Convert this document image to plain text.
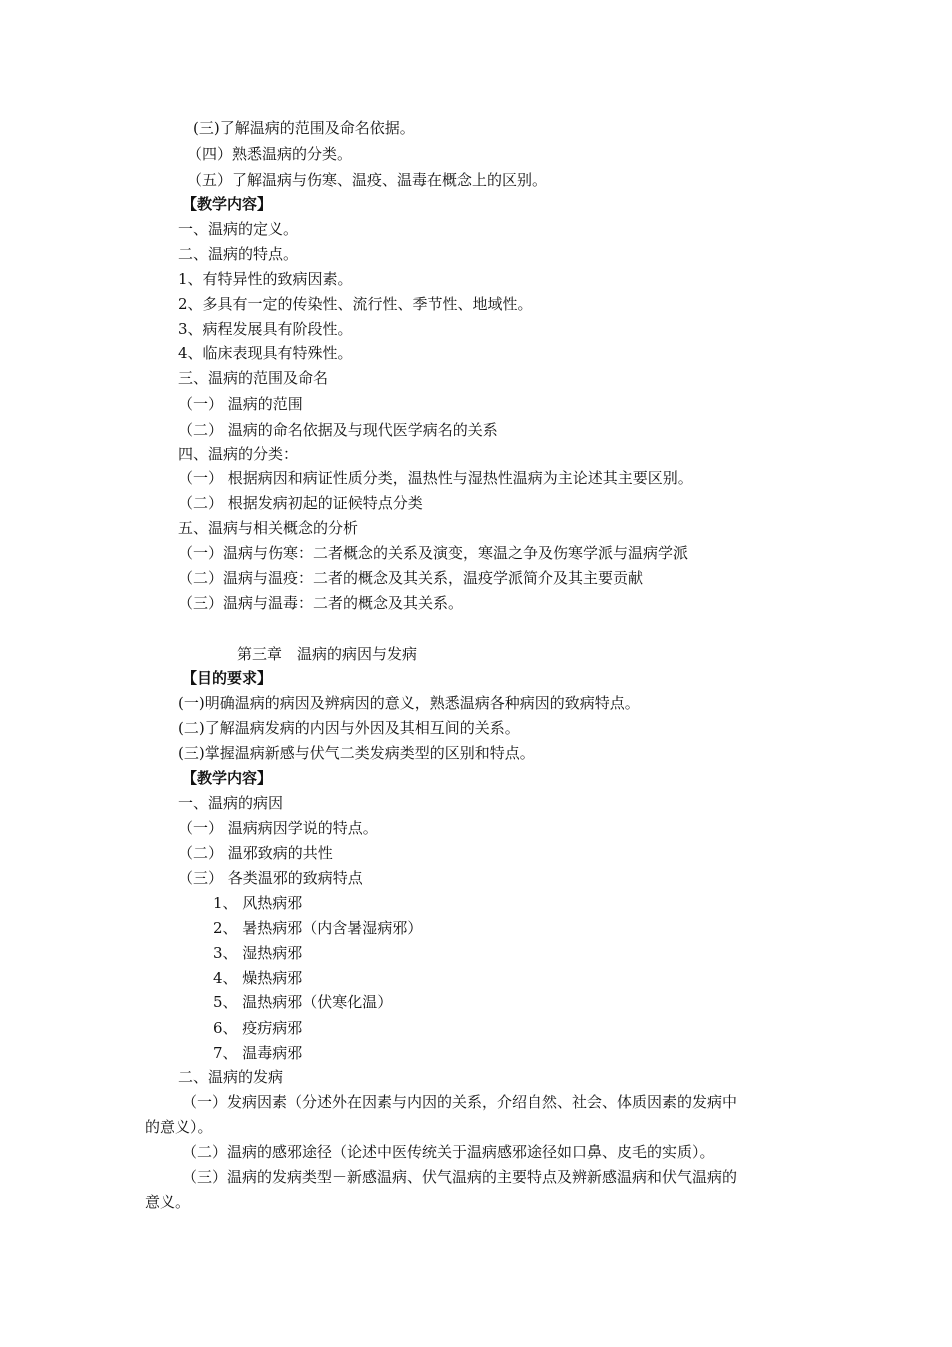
(三)了解温病的范围及命名依据。
（四）熟悉温病的分类。
（五）了解温病与伤寒、温疫、温毒在概念上的区别。
【教学内容】
一、温病的定义。
二、温病的特点。
1、有特异性的致病因素。
2、多具有一定的传染性、流行性、季节性、地域性。
3、病程发展具有阶段性。
4、临床表现具有特殊性。
三、温病的范围及命名
（一） 温病的范围
（二） 温病的命名依据及与现代医学病名的关系
四、温病的分类：
（一） 根据病因和病证性质分类，温热性与湿热性温病为主论述其主要区别。
（二） 根据发病初起的证候特点分类
五、温病与相关概念的分析
（一）温病与伤寒：二者概念的关系及演变，寒温之争及伤寒学派与温病学派
（二）温病与温疫：二者的概念及其关系，温疫学派简介及其主要贡献
（三）温病与温毒：二者的概念及其关系。
第三章　温病的病因与发病
【目的要求】
(一)明确温病的病因及辨病因的意义，熟悉温病各种病因的致病特点。
(二)了解温病发病的内因与外因及其相互间的关系。
(三)掌握温病新感与伏气二类发病类型的区别和特点。
【教学内容】
一、温病的病因
（一） 温病病因学说的特点。
（二） 温邪致病的共性
（三） 各类温邪的致病特点
1、 风热病邪
2、 暑热病邪（内含暑湿病邪）
3、 湿热病邪
4、 燥热病邪
5、 温热病邪（伏寒化温）
6、 疫疠病邪
7、 温毒病邪
二、温病的发病
（一）发病因素（分述外在因素与内因的关系，介绍自然、社会、体质因素的发病中
的意义）。
（二）温病的感邪途径（论述中医传统关于温病感邪途径如口鼻、皮毛的实质）。
（三）温病的发病类型－新感温病、伏气温病的主要特点及辨新感温病和伏气温病的
意义。
